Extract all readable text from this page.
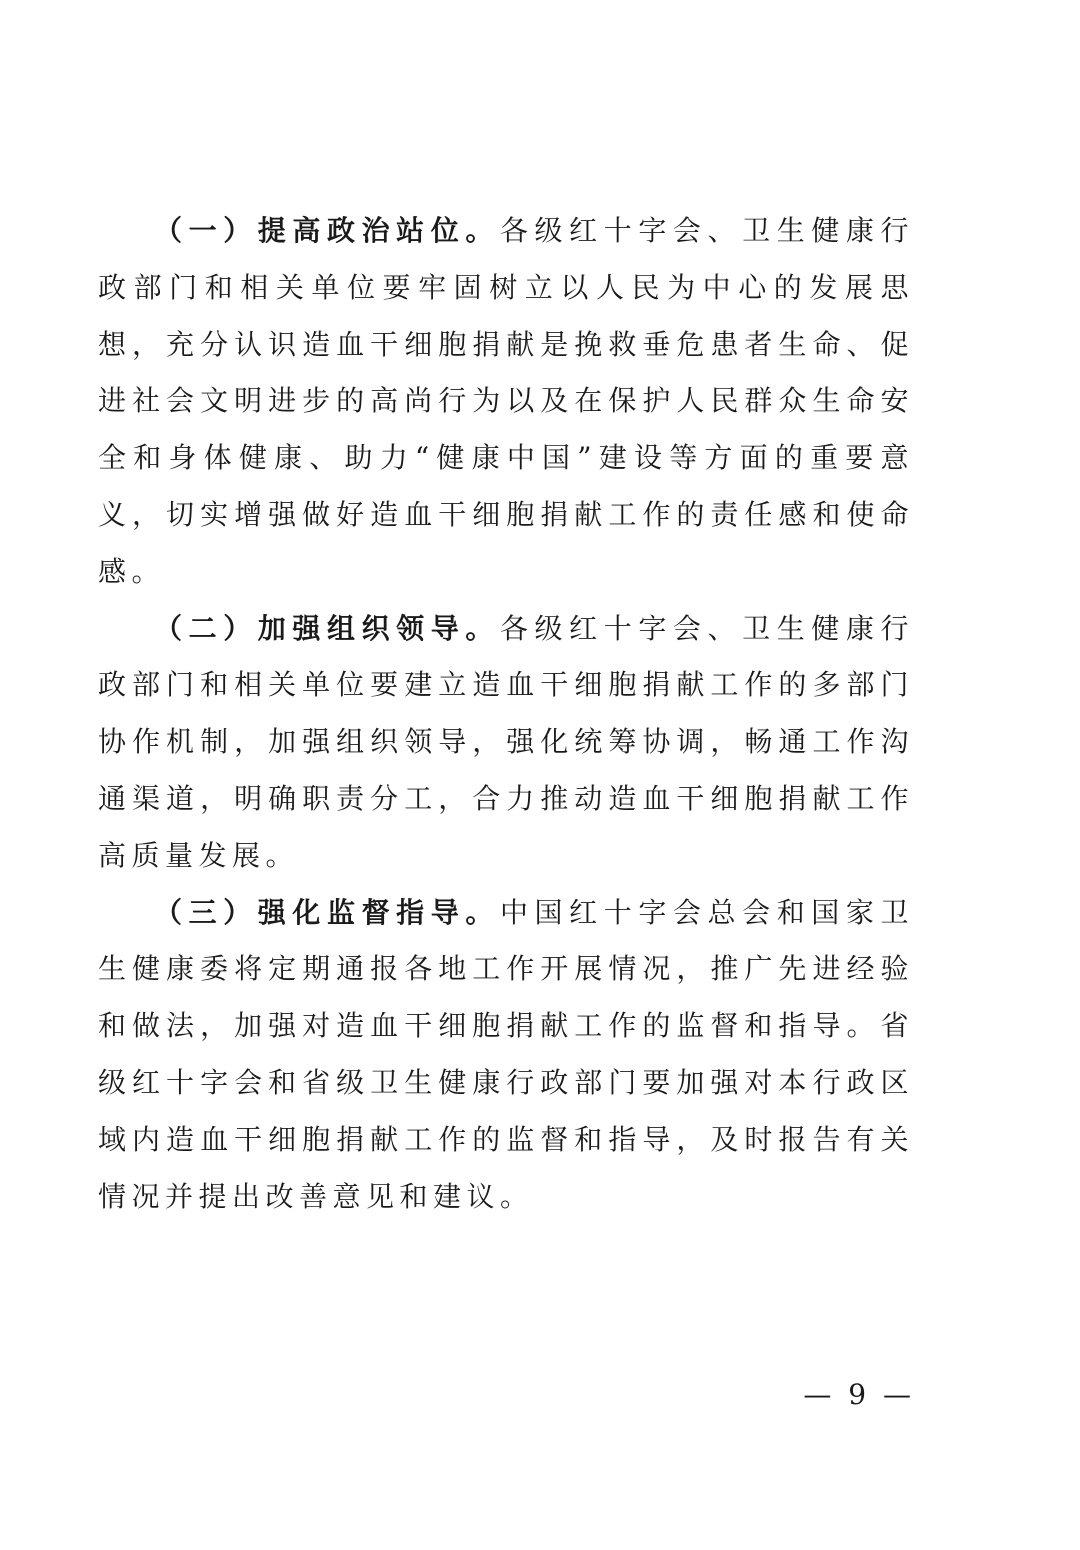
（一）提高政治站位。各级红十字会、卫生健康行政部门和相关单位要牢固树立以人民为中心的发展思想，充分认识造血干细胞捐献是挽救垂危患者生命、促进社会文明进步的高尚行为以及在保护人民群众生命安全和身体健康、助力“健康中国”建设等方面的重要意义，切实增强做好造血干细胞捐献工作的责任感和使命感。

（二）加强组织领导。各级红十字会、卫生健康行政部门和相关单位要建立造血干细胞捐献工作的多部门协作机制，加强组织领导，强化统筹协调，畅通工作沟通渠道，明确职责分工，合力推动造血干细胞捐献工作高质量发展。

（三）强化监督指导。中国红十字会总会和国家卫生健康委将定期通报各地工作开展情况，推广先进经验和做法，加强对造血干细胞捐献工作的监督和指导。省级红十字会和省级卫生健康行政部门要加强对本行政区域内造血干细胞捐献工作的监督和指导，及时报告有关情况并提出改善意见和建议。

— 9 —
